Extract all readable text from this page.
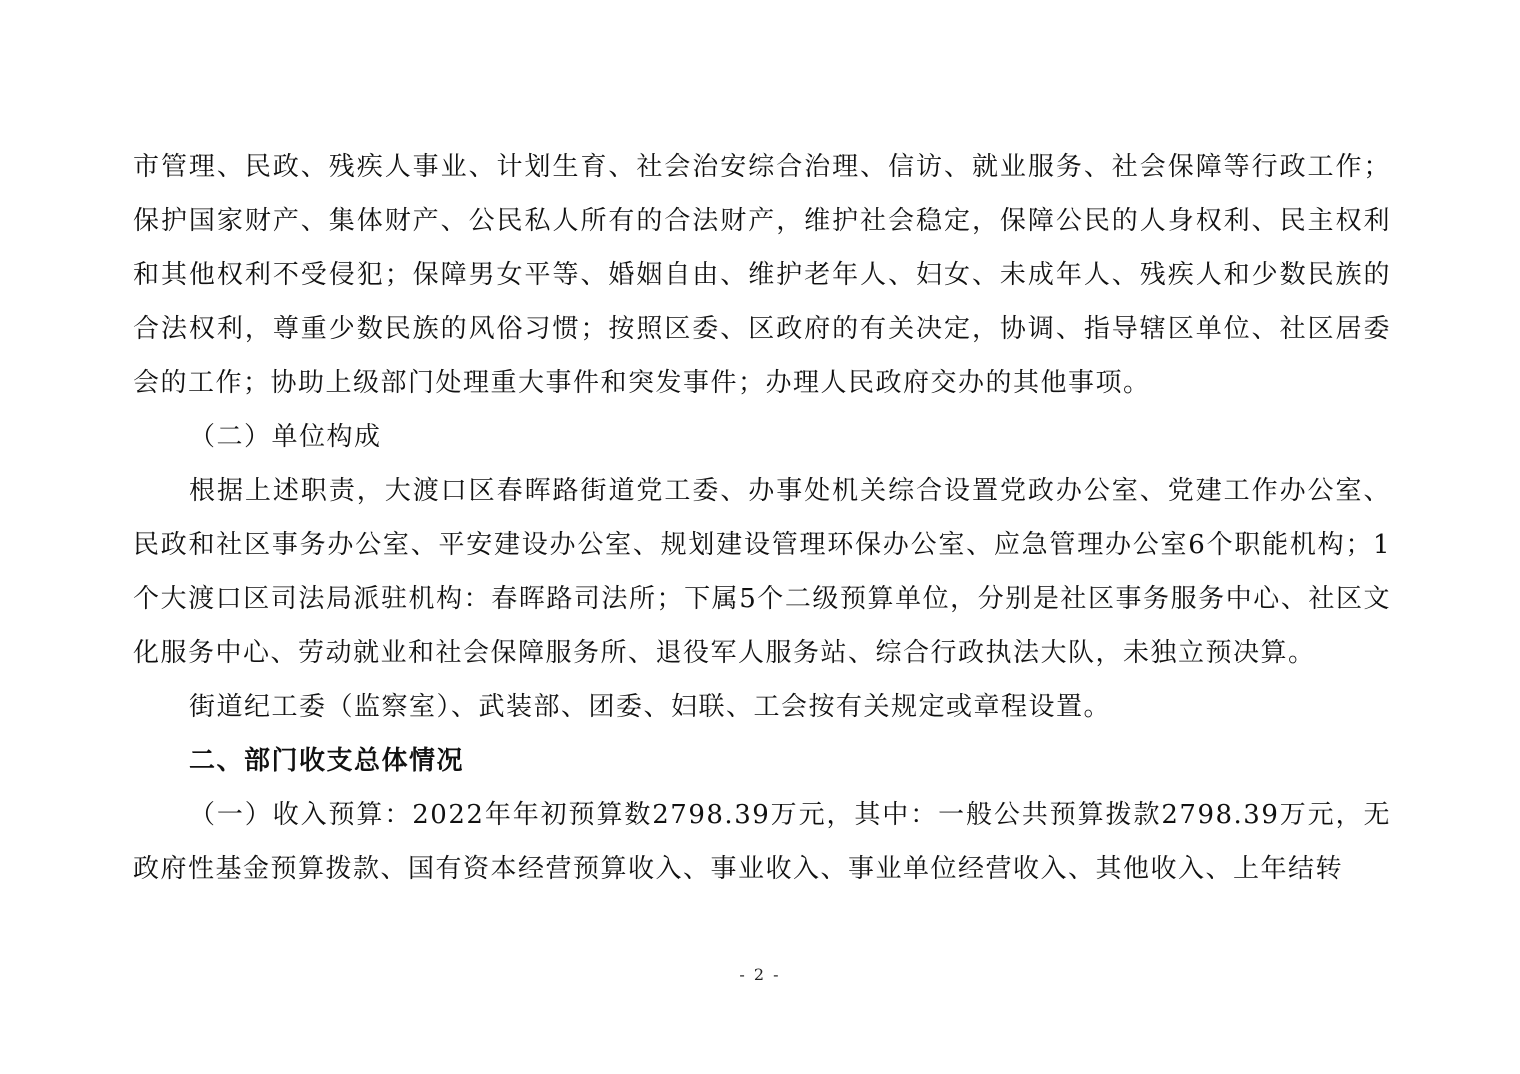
市管理、民政、残疾人事业、计划生育、社会治安综合治理、信访、就业服务、社会保障等行政工作；保护国家财产、集体财产、公民私人所有的合法财产，维护社会稳定，保障公民的人身权利、民主权利和其他权利不受侵犯；保障男女平等、婚姻自由、维护老年人、妇女、未成年人、残疾人和少数民族的合法权利，尊重少数民族的风俗习惯；按照区委、区政府的有关决定，协调、指导辖区单位、社区居委会的工作；协助上级部门处理重大事件和突发事件；办理人民政府交办的其他事项。

（二）单位构成

根据上述职责，大渡口区春晖路街道党工委、办事处机关综合设置党政办公室、党建工作办公室、民政和社区事务办公室、平安建设办公室、规划建设管理环保办公室、应急管理办公室6个职能机构；1个大渡口区司法局派驻机构：春晖路司法所；下属5个二级预算单位，分别是社区事务服务中心、社区文化服务中心、劳动就业和社会保障服务所、退役军人服务站、综合行政执法大队，未独立预决算。

街道纪工委（监察室）、武装部、团委、妇联、工会按有关规定或章程设置。

二、部门收支总体情况

（一）收入预算：2022年年初预算数2798.39万元，其中：一般公共预算拨款2798.39万元，无政府性基金预算拨款、国有资本经营预算收入、事业收入、事业单位经营收入、其他收入、上年结转

- 2 -
